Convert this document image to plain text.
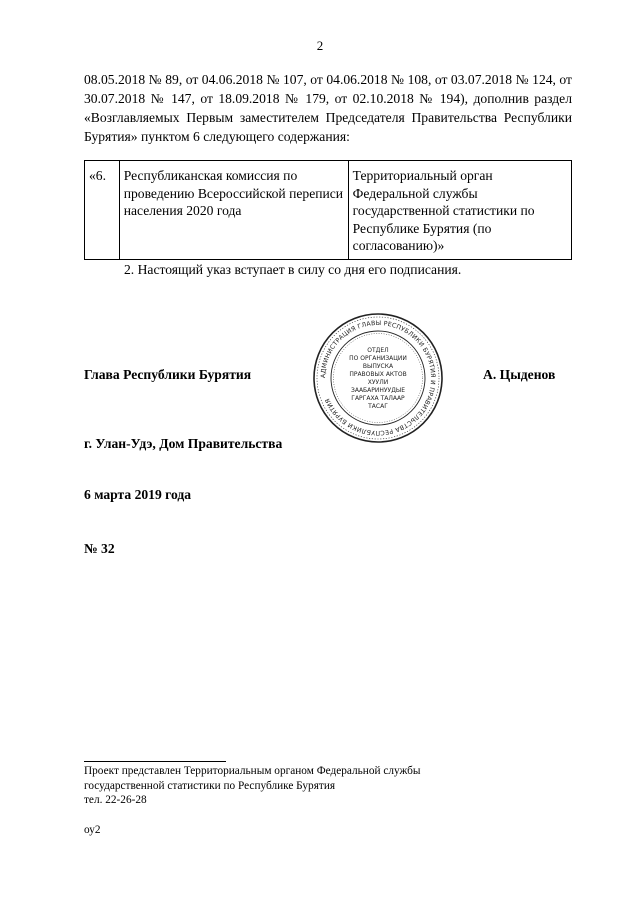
2

08.05.2018 № 89, от 04.06.2018 № 107, от 04.06.2018 № 108, от 03.07.2018 № 124, от 30.07.2018 № 147, от 18.09.2018 № 179, от 02.10.2018 № 194), дополнив раздел «Возглавляемых Первым заместителем Председателя Правительства Республики Бурятия» пунктом 6 следующего содержания:

«6.	Республиканская комиссия по проведению Всероссийской переписи населения 2020 года	Территориальный орган Федеральной службы государственной статистики по Республике Бурятия (по согласованию)»

2. Настоящий указ вступает в силу со дня его подписания.

Глава Республики Бурятия	АДМИНИСТРАЦИЯ ГЛАВЫ РЕСПУБЛИКИ БУРЯТИЯ И ПРАВИТЕЛЬСТВА РЕСПУБЛИКИ БУРЯТИЯ
ОТДЕЛ
ПО ОРГАНИЗАЦИИ
ВЫПУСКА
ПРАВОВЫХ АКТОВ
ХУУЛИ
ЗААБАРИНУУДЫЕ
ГАРГАХА ТАЛААР
ТАСАГ
А. Цыденов
г. Улан-Удэ, Дом Правительства
6 марта 2019 года
№ 32
Проект представлен Территориальным органом Федеральной службы
государственной статистики по Республике Бурятия
тел. 22-26-28
оу2
